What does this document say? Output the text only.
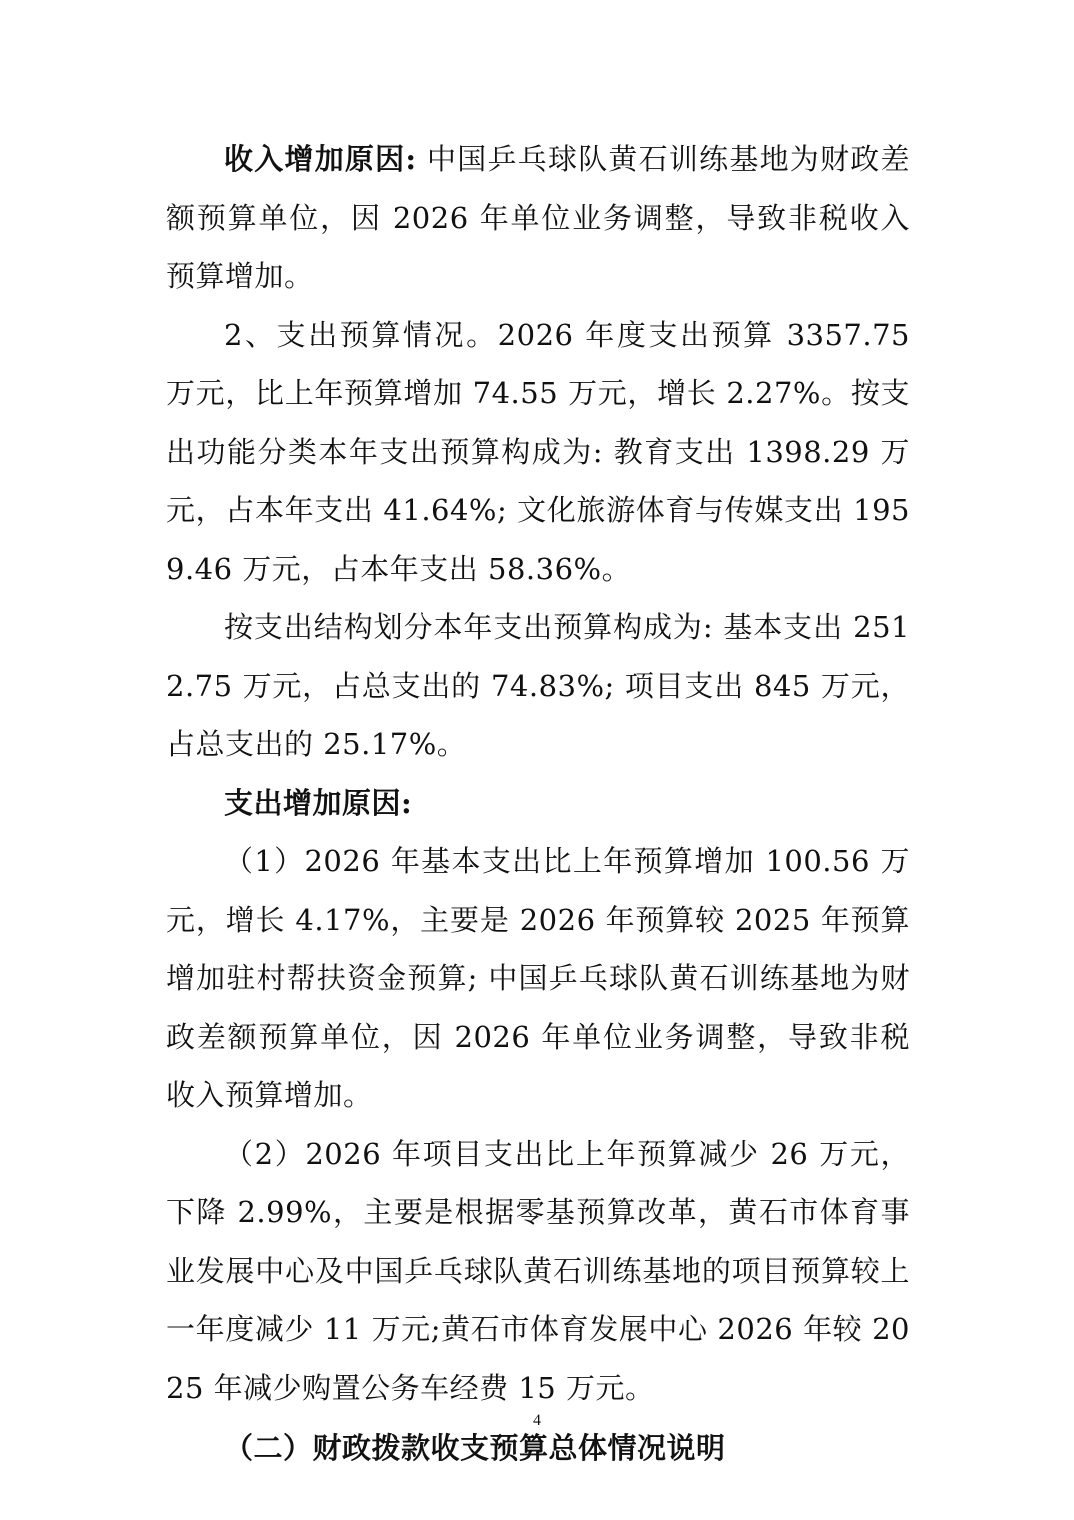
收入增加原因: 中国乒乓球队黄石训练基地为财政差额预算单位，因 2026 年单位业务调整，导致非税收入预算增加。

2、支出预算情况。2026 年度支出预算 3357.75 万元，比上年预算增加 74.55 万元，增长 2.27%。按支出功能分类本年支出预算构成为: 教育支出 1398.29 万元，占本年支出 41.64%; 文化旅游体育与传媒支出 1959.46 万元，占本年支出 58.36%。

按支出结构划分本年支出预算构成为: 基本支出 2512.75 万元，占总支出的 74.83%; 项目支出 845 万元，占总支出的 25.17%。

支出增加原因:

（1）2026 年基本支出比上年预算增加 100.56 万元，增长 4.17%，主要是 2026 年预算较 2025 年预算增加驻村帮扶资金预算; 中国乒乓球队黄石训练基地为财政差额预算单位，因 2026 年单位业务调整，导致非税收入预算增加。

（2）2026 年项目支出比上年预算减少 26 万元，下降 2.99%，主要是根据零基预算改革，黄石市体育事业发展中心及中国乒乓球队黄石训练基地的项目预算较上一年度减少 11 万元;黄石市体育发展中心 2026 年较 2025 年减少购置公务车经费 15 万元。

（二）财政拨款收支预算总体情况说明

4
